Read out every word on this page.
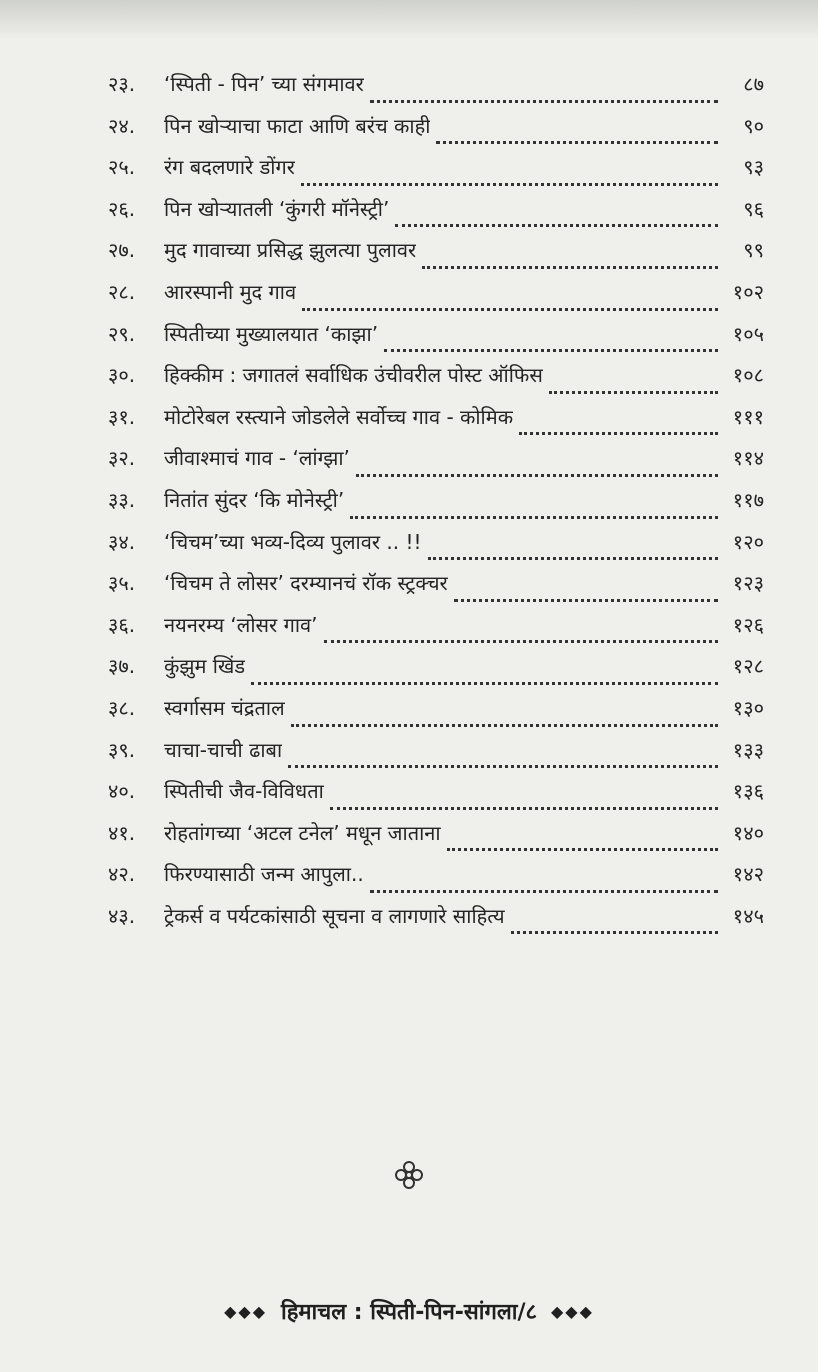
२३.	‘स्पिती - पिन’ च्या संगमावर	८७
२४.	पिन खोऱ्याचा फाटा आणि बरंच काही	९०
२५.	रंग बदलणारे डोंगर	९३
२६.	पिन खोऱ्यातली ‘कुंगरी मॉनेस्ट्री’	९६
२७.	मुद गावाच्या प्रसिद्ध झुलत्या पुलावर	९९
२८.	आरस्पानी मुद गाव	१०२
२९.	स्पितीच्या मुख्यालयात ‘काझा’	१०५
३०.	हिक्कीम : जगातलं सर्वाधिक उंचीवरील पोस्ट ऑफिस	१०८
३१.	मोटोरेबल रस्त्याने जोडलेले सर्वोच्च गाव - कोमिक	१११
३२.	जीवाश्माचं गाव - ‘लांग्झा’	११४
३३.	नितांत सुंदर ‘कि मोनेस्ट्री’	११७
३४.	‘चिचम’च्या भव्य-दिव्य पुलावर .. !!	१२०
३५.	‘चिचम ते लोसर’ दरम्यानचं रॉक स्ट्रक्चर	१२३
३६.	नयनरम्य ‘लोसर गाव’	१२६
३७.	कुंझुम खिंड	१२८
३८.	स्वर्गासम चंद्रताल	१३०
३९.	चाचा-चाची ढाबा	१३३
४०.	स्पितीची जैव-विविधता	१३६
४१.	रोहतांगच्या ‘अटल टनेल’ मधून जाताना	१४०
४२.	फिरण्यासाठी जन्म आपुला..	१४२
४३.	ट्रेकर्स व पर्यटकांसाठी सूचना व लागणारे साहित्य	१४५
◆◆◆ हिमाचल : स्पिती-पिन-सांगला/८ ◆◆◆
